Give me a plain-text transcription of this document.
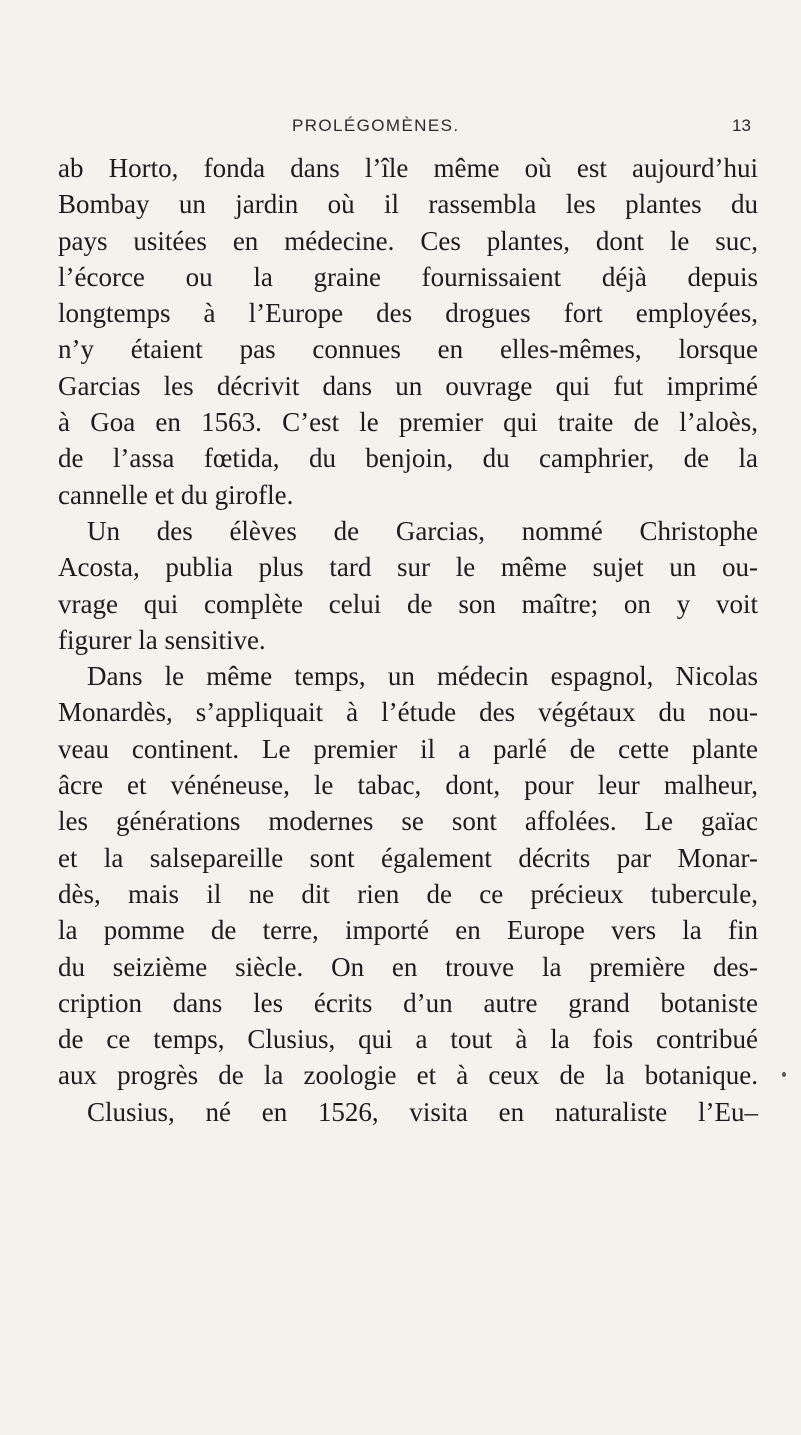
PROLÉGOMÈNES.	13
ab Horto, fonda dans l’île même où est aujourd’hui
Bombay un jardin où il rassembla les plantes du
pays usitées en médecine. Ces plantes, dont le suc,
l’écorce ou la graine fournissaient déjà depuis
longtemps à l’Europe des drogues fort employées,
n’y étaient pas connues en elles-mêmes, lorsque
Garcias les décrivit dans un ouvrage qui fut imprimé
à Goa en 1563. C’est le premier qui traite de l’aloès,
de l’assa fœtida, du benjoin, du camphrier, de la
cannelle et du girofle.
Un des élèves de Garcias, nommé Christophe
Acosta, publia plus tard sur le même sujet un ou-
vrage qui complète celui de son maître; on y voit
figurer la sensitive.
Dans le même temps, un médecin espagnol, Nicolas
Monardès, s’appliquait à l’étude des végétaux du nou-
veau continent. Le premier il a parlé de cette plante
âcre et vénéneuse, le tabac, dont, pour leur malheur,
les générations modernes se sont affolées. Le gaïac
et la salsepareille sont également décrits par Monar-
dès, mais il ne dit rien de ce précieux tubercule,
la pomme de terre, importé en Europe vers la fin
du seizième siècle. On en trouve la première des-
cription dans les écrits d’un autre grand botaniste
de ce temps, Clusius, qui a tout à la fois contribué
aux progrès de la zoologie et à ceux de la botanique.
Clusius, né en 1526, visita en naturaliste l’Eu–
